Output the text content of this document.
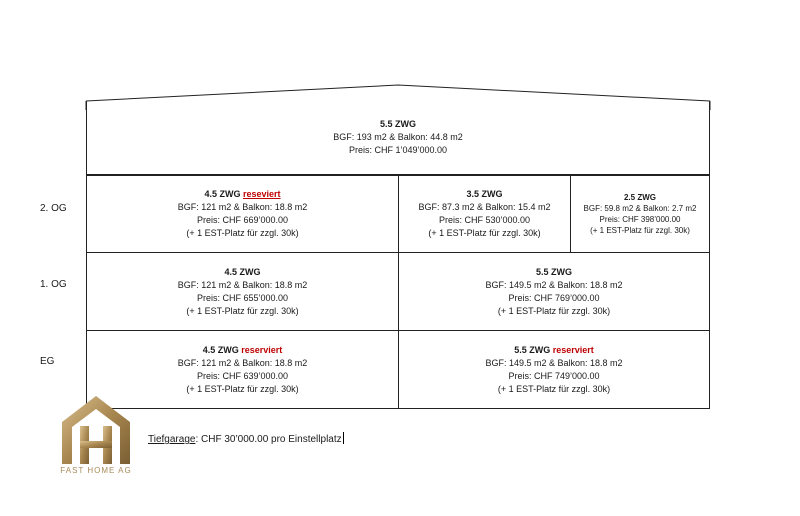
5.5 ZWG
BGF: 193 m2 & Balkon: 44.8 m2
Preis: CHF 1’049’000.00
2. OG
4.5 ZWG reseviert
BGF: 121 m2 & Balkon: 18.8 m2
Preis: CHF 669’000.00
(+ 1 EST-Platz für zzgl. 30k)
3.5 ZWG
BGF: 87.3 m2 & Balkon: 15.4 m2
Preis: CHF 530’000.00
(+ 1 EST-Platz für zzgl. 30k)
2.5 ZWG
BGF: 59.8 m2 & Balkon: 2.7 m2
Preis: CHF 398’000.00
(+ 1 EST-Platz für zzgl. 30k)
1. OG
4.5 ZWG
BGF: 121 m2 & Balkon: 18.8 m2
Preis: CHF 655’000.00
(+ 1 EST-Platz für zzgl. 30k)
5.5 ZWG
BGF: 149.5 m2 & Balkon: 18.8 m2
Preis: CHF 769’000.00
(+ 1 EST-Platz für zzgl. 30k)
EG
4.5 ZWG reserviert
BGF: 121 m2 & Balkon: 18.8 m2
Preis: CHF 639’000.00
(+ 1 EST-Platz für zzgl. 30k)
5.5 ZWG reserviert
BGF: 149.5 m2 & Balkon: 18.8 m2
Preis: CHF 749’000.00
(+ 1 EST-Platz für zzgl. 30k)
FAST HOME AG
Tiefgarage: CHF 30’000.00 pro Einstellplatz
